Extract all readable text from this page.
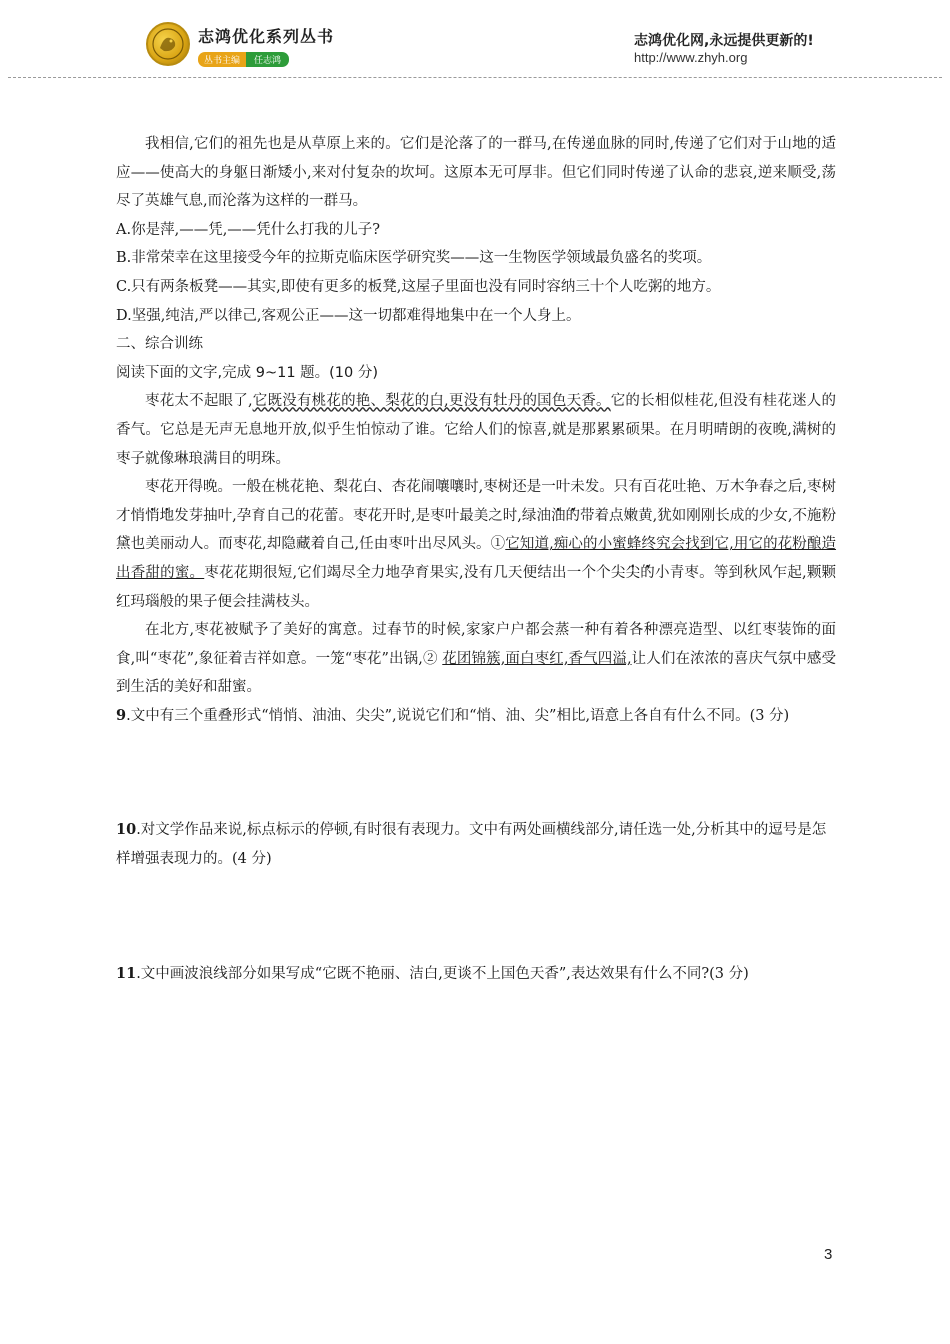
志鸿优化系列丛书
丛书主编 任志鸿
志鸿优化网,永远提供更新的!
http://www.zhyh.org

我相信,它们的祖先也是从草原上来的。它们是沦落了的一群马,在传递血脉的同时,传递了它们对于山地的适应——使高大的身躯日渐矮小,来对付复杂的坎坷。这原本无可厚非。但它们同时传递了认命的悲哀,逆来顺受,荡尽了英雄气息,而沦落为这样的一群马。

A.你是萍,——凭,——凭什么打我的儿子?

B.非常荣幸在这里接受今年的拉斯克临床医学研究奖——这一生物医学领域最负盛名的奖项。

C.只有两条板凳——其实,即使有更多的板凳,这屋子里面也没有同时容纳三十个人吃粥的地方。

D.坚强,纯洁,严以律己,客观公正——这一切都难得地集中在一个人身上。

二、综合训练

阅读下面的文字,完成 9~11 题。(10 分)

枣花太不起眼了,它既没有桃花的艳、梨花的白,更没有牡丹的国色天香。它的长相似桂花,但没有桂花迷人的香气。它总是无声无息地开放,似乎生怕惊动了谁。它给人们的惊喜,就是那累累硕果。在月明晴朗的夜晚,满树的枣子就像琳琅满目的明珠。

枣花开得晚。一般在桃花艳、梨花白、杏花闹嚷嚷时,枣树还是一叶未发。只有百花吐艳、万木争春之后,枣树才悄悄地发芽抽叶,孕育自己的花蕾。枣花开时,是枣叶最美之时,绿油油的带着点嫩黄,犹如刚刚长成的少女,不施粉黛也美丽动人。而枣花,却隐藏着自己,任由枣叶出尽风头。①它知道,痴心的小蜜蜂终究会找到它,用它的花粉酿造出香甜的蜜。枣花花期很短,它们竭尽全力地孕育果实,没有几天便结出一个个尖尖的小青枣。等到秋风乍起,颗颗红玛瑙般的果子便会挂满枝头。

在北方,枣花被赋予了美好的寓意。过春节的时候,家家户户都会蒸一种有着各种漂亮造型、以红枣装饰的面食,叫“枣花”,象征着吉祥如意。一笼“枣花”出锅,② 花团锦簇,面白枣红,香气四溢,让人们在浓浓的喜庆气氛中感受到生活的美好和甜蜜。

9.文中有三个重叠形式“悄悄、油油、尖尖”,说说它们和“悄、油、尖”相比,语意上各自有什么不同。(3 分)

10.对文学作品来说,标点标示的停顿,有时很有表现力。文中有两处画横线部分,请任选一处,分析其中的逗号是怎样增强表现力的。(4 分)

11.文中画波浪线部分如果写成“它既不艳丽、洁白,更谈不上国色天香”,表达效果有什么不同?(3 分)

3
